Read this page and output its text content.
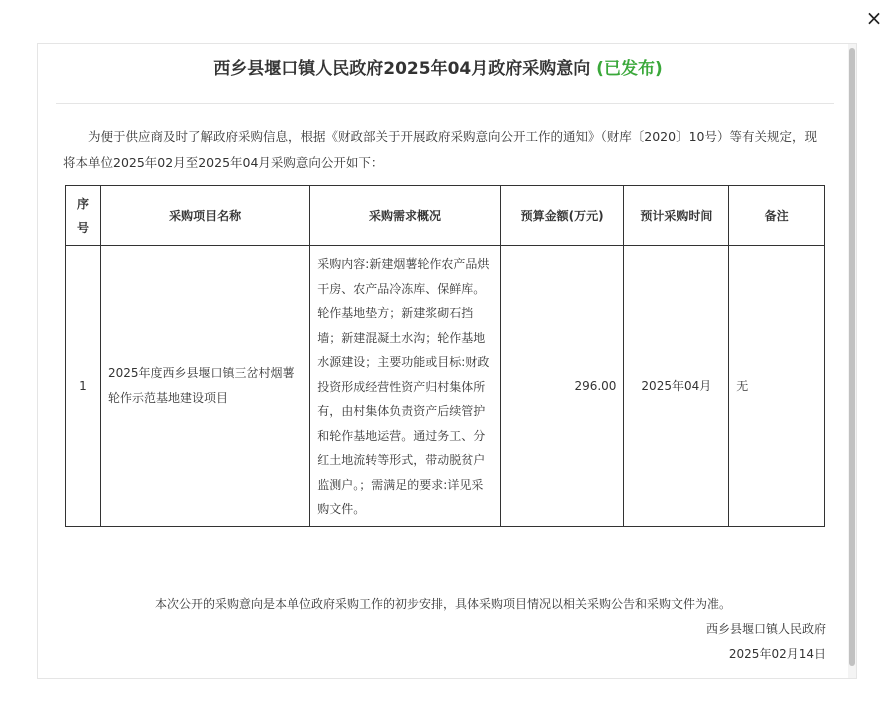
×
西乡县堰口镇人民政府2025年04月政府采购意向 (已发布)
为便于供应商及时了解政府采购信息，根据《财政部关于开展政府采购意向公开工作的通知》（财库〔2020〕10号）等有关规定，现将本单位2025年02月至2025年04月采购意向公开如下：
序
号	采购项目名称	采购需求概况	预算金额(万元)	预计采购时间	备注
1	2025年度西乡县堰口镇三岔村烟薯轮作示范基地建设项目	采购内容:新建烟薯轮作农产品烘干房、农产品冷冻库、保鲜库。轮作基地垫方；新建浆砌石挡墙；新建混凝土水沟；轮作基地水源建设；主要功能或目标:财政投资形成经营性资产归村集体所有，由村集体负责资产后续管护和轮作基地运营。通过务工、分红土地流转等形式，带动脱贫户监测户。；需满足的要求:详见采购文件。	296.00	2025年04月	无
本次公开的采购意向是本单位政府采购工作的初步安排，具体采购项目情况以相关采购公告和采购文件为准。
西乡县堰口镇人民政府
2025年02月14日
